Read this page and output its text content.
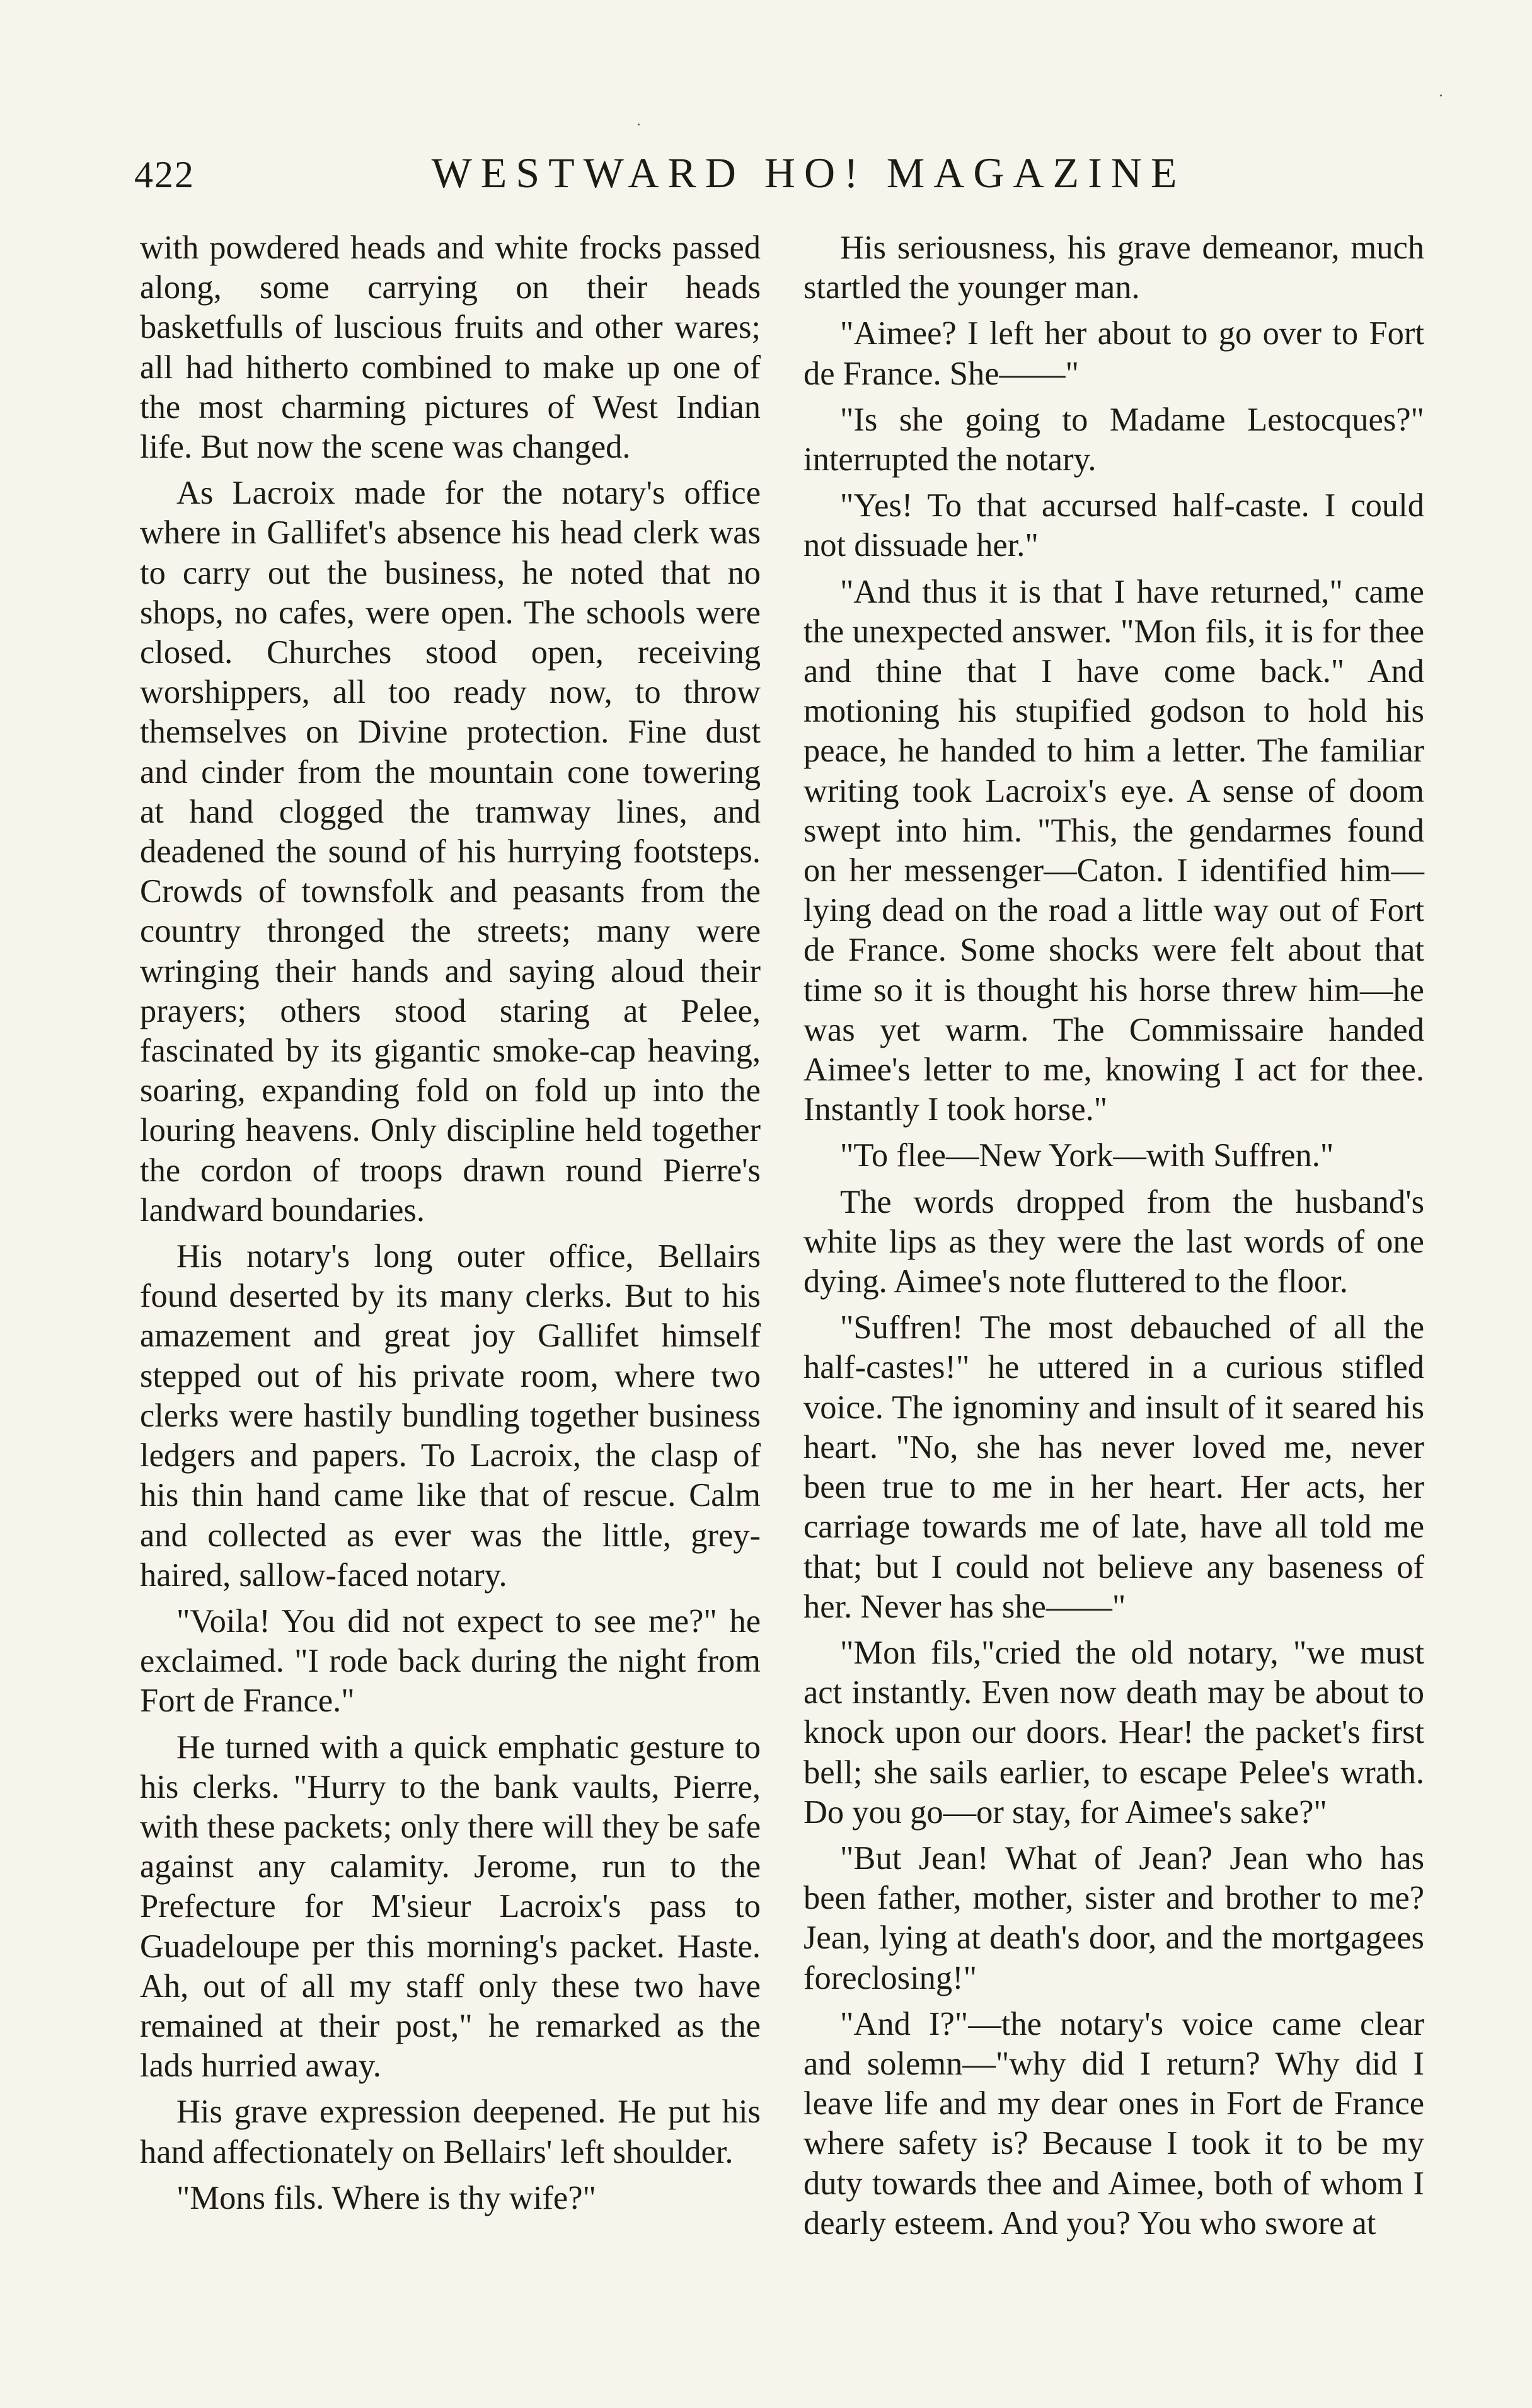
422	WESTWARD HO! MAGAZINE

with powdered heads and white frocks passed along, some carrying on their heads basketfulls of luscious fruits and other wares; all had hitherto combined to make up one of the most charming pictures of West Indian life. But now the scene was changed.

As Lacroix made for the notary's office where in Gallifet's absence his head clerk was to carry out the business, he noted that no shops, no cafes, were open. The schools were closed. Churches stood open, receiving worshippers, all too ready now, to throw themselves on Divine protection. Fine dust and cinder from the mountain cone towering at hand clogged the tramway lines, and deadened the sound of his hurrying footsteps. Crowds of townsfolk and peasants from the country thronged the streets; many were wringing their hands and saying aloud their prayers; others stood staring at Pelee, fascinated by its gigantic smoke-cap heaving, soaring, expanding fold on fold up into the louring heavens. Only discipline held together the cordon of troops drawn round Pierre's landward boundaries.

His notary's long outer office, Bellairs found deserted by its many clerks. But to his amazement and great joy Gallifet himself stepped out of his private room, where two clerks were hastily bundling together business ledgers and papers. To Lacroix, the clasp of his thin hand came like that of rescue. Calm and collected as ever was the little, grey-haired, sallow-faced notary.

"Voila! You did not expect to see me?" he exclaimed. "I rode back during the night from Fort de France."

He turned with a quick emphatic gesture to his clerks. "Hurry to the bank vaults, Pierre, with these packets; only there will they be safe against any calamity. Jerome, run to the Prefecture for M'sieur Lacroix's pass to Guadeloupe per this morning's packet. Haste. Ah, out of all my staff only these two have remained at their post," he remarked as the lads hurried away.

His grave expression deepened. He put his hand affectionately on Bellairs' left shoulder.

"Mons fils. Where is thy wife?"

His seriousness, his grave demeanor, much startled the younger man.

"Aimee? I left her about to go over to Fort de France. She——"

"Is she going to Madame Lestocques?" interrupted the notary.

"Yes! To that accursed half-caste. I could not dissuade her."

"And thus it is that I have returned," came the unexpected answer. "Mon fils, it is for thee and thine that I have come back." And motioning his stupified godson to hold his peace, he handed to him a letter. The familiar writing took Lacroix's eye. A sense of doom swept into him. "This, the gendarmes found on her messenger—Caton. I identified him—lying dead on the road a little way out of Fort de France. Some shocks were felt about that time so it is thought his horse threw him—he was yet warm. The Commissaire handed Aimee's letter to me, knowing I act for thee. Instantly I took horse."

"To flee—New York—with Suffren."

The words dropped from the husband's white lips as they were the last words of one dying. Aimee's note fluttered to the floor.

"Suffren! The most debauched of all the half-castes!" he uttered in a curious stifled voice. The ignominy and insult of it seared his heart. "No, she has never loved me, never been true to me in her heart. Her acts, her carriage towards me of late, have all told me that; but I could not believe any baseness of her. Never has she——"

"Mon fils,"cried the old notary, "we must act instantly. Even now death may be about to knock upon our doors. Hear! the packet's first bell; she sails earlier, to escape Pelee's wrath. Do you go—or stay, for Aimee's sake?"

"But Jean! What of Jean? Jean who has been father, mother, sister and brother to me? Jean, lying at death's door, and the mortgagees foreclosing!"

"And I?"—the notary's voice came clear and solemn—"why did I return? Why did I leave life and my dear ones in Fort de France where safety is? Because I took it to be my duty towards thee and Aimee, both of whom I dearly esteem. And you? You who swore at
